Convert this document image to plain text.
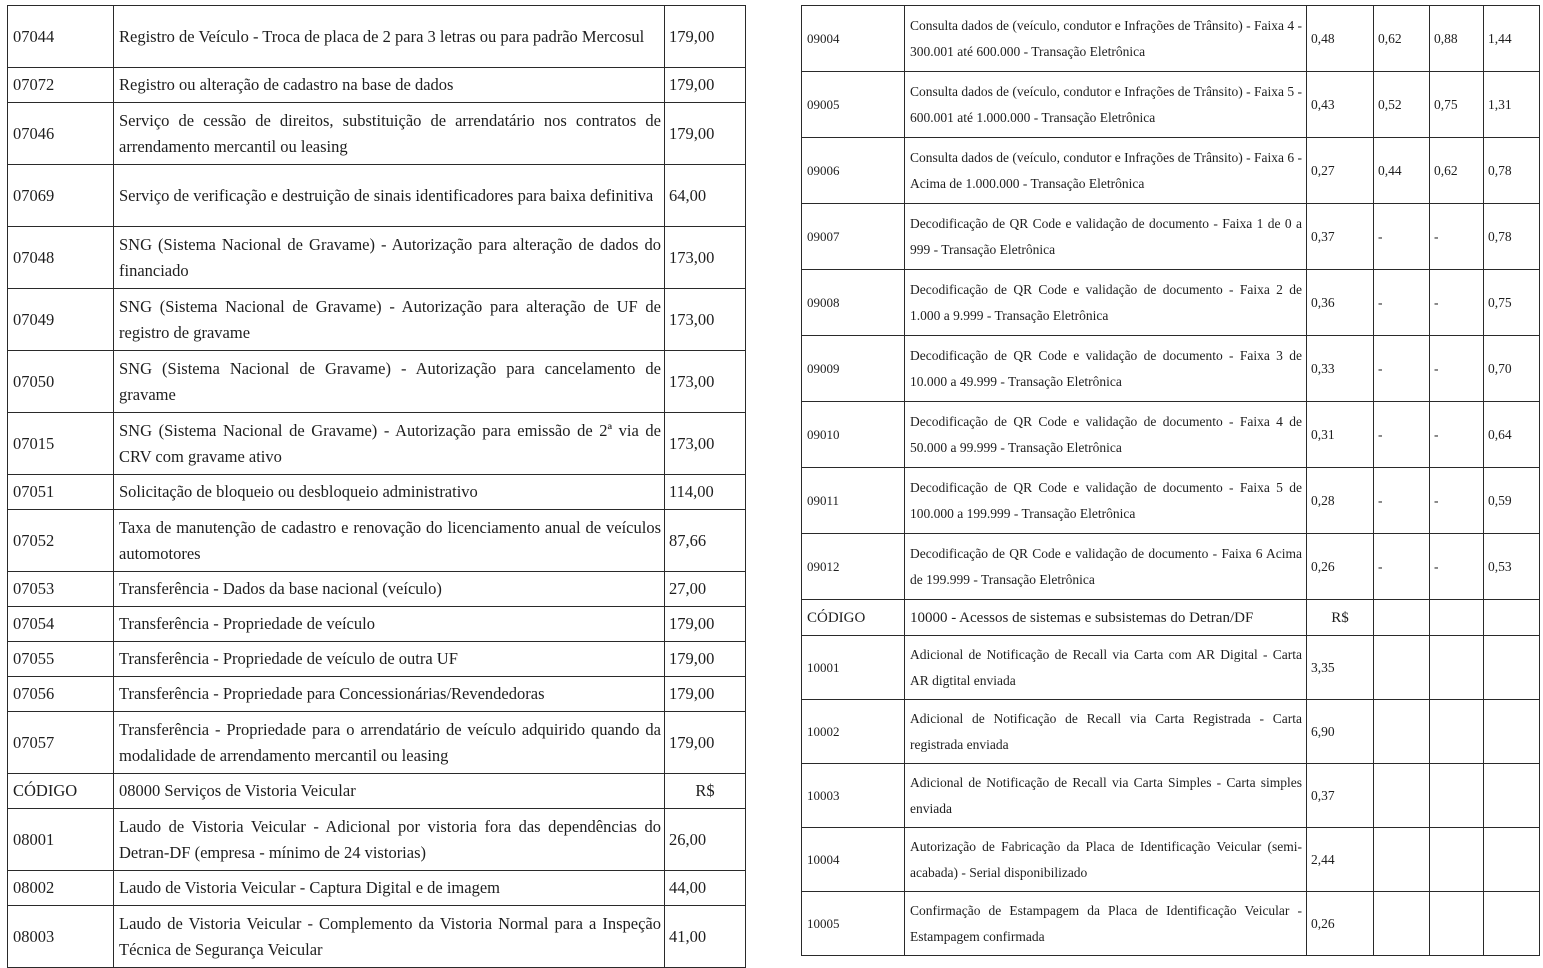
07044	Registro de Veículo - Troca de placa de 2 para 3 letras ou para padrão Mercosul	179,00
07072	Registro ou alteração de cadastro na base de dados	179,00
07046	Serviço de cessão de direitos, substituição de arrendatário nos contratos de arrendamento mercantil ou leasing	179,00
07069	Serviço de verificação e destruição de sinais identificadores para baixa definitiva	64,00
07048	SNG (Sistema Nacional de Gravame) - Autorização para alteração de dados do financiado	173,00
07049	SNG (Sistema Nacional de Gravame) - Autorização para alteração de UF de registro de gravame	173,00
07050	SNG (Sistema Nacional de Gravame) - Autorização para cancelamento de gravame	173,00
07015	SNG (Sistema Nacional de Gravame) - Autorização para emissão de 2ª via de CRV com gravame ativo	173,00
07051	Solicitação de bloqueio ou desbloqueio administrativo	114,00
07052	Taxa de manutenção de cadastro e renovação do licenciamento anual de veículos automotores	87,66
07053	Transferência - Dados da base nacional (veículo)	27,00
07054	Transferência - Propriedade de veículo	179,00
07055	Transferência - Propriedade de veículo de outra UF	179,00
07056	Transferência - Propriedade para Concessionárias/Revendedoras	179,00
07057	Transferência - Propriedade para o arrendatário de veículo adquirido quando da modalidade de arrendamento mercantil ou leasing	179,00
CÓDIGO	08000 Serviços de Vistoria Veicular	R$
08001	Laudo de Vistoria Veicular - Adicional por vistoria fora das dependências do Detran-DF (empresa - mínimo de 24 vistorias)	26,00
08002	Laudo de Vistoria Veicular - Captura Digital e de imagem	44,00
08003	Laudo de Vistoria Veicular - Complemento da Vistoria Normal para a Inspeção Técnica de Segurança Veicular	41,00
09004	Consulta dados de (veículo, condutor e Infrações de Trânsito) - Faixa 4 - 300.001 até 600.000 - Transação Eletrônica	0,48	0,62	0,88	1,44
09005	Consulta dados de (veículo, condutor e Infrações de Trânsito) - Faixa 5 - 600.001 até 1.000.000 - Transação Eletrônica	0,43	0,52	0,75	1,31
09006	Consulta dados de (veículo, condutor e Infrações de Trânsito) - Faixa 6 - Acima de 1.000.000 - Transação Eletrônica	0,27	0,44	0,62	0,78
09007	Decodificação de QR Code e validação de documento - Faixa 1 de 0 a 999 - Transação Eletrônica	0,37	-	-	0,78
09008	Decodificação de QR Code e validação de documento - Faixa 2 de 1.000 a 9.999 - Transação Eletrônica	0,36	-	-	0,75
09009	Decodificação de QR Code e validação de documento - Faixa 3 de 10.000 a 49.999 - Transação Eletrônica	0,33	-	-	0,70
09010	Decodificação de QR Code e validação de documento - Faixa 4 de 50.000 a 99.999 - Transação Eletrônica	0,31	-	-	0,64
09011	Decodificação de QR Code e validação de documento - Faixa 5 de 100.000 a 199.999 - Transação Eletrônica	0,28	-	-	0,59
09012	Decodificação de QR Code e validação de documento - Faixa 6 Acima de 199.999 - Transação Eletrônica	0,26	-	-	0,53
CÓDIGO	10000 - Acessos de sistemas e subsistemas do Detran/DF	R$			
10001	Adicional de Notificação de Recall via Carta com AR Digital - Carta AR digtital enviada	3,35			
10002	Adicional de Notificação de Recall via Carta Registrada - Carta registrada enviada	6,90			
10003	Adicional de Notificação de Recall via Carta Simples - Carta simples enviada	0,37			
10004	Autorização de Fabricação da Placa de Identificação Veicular (semi-acabada) - Serial disponibilizado	2,44			
10005	Confirmação de Estampagem da Placa de Identificação Veicular - Estampagem confirmada	0,26			
